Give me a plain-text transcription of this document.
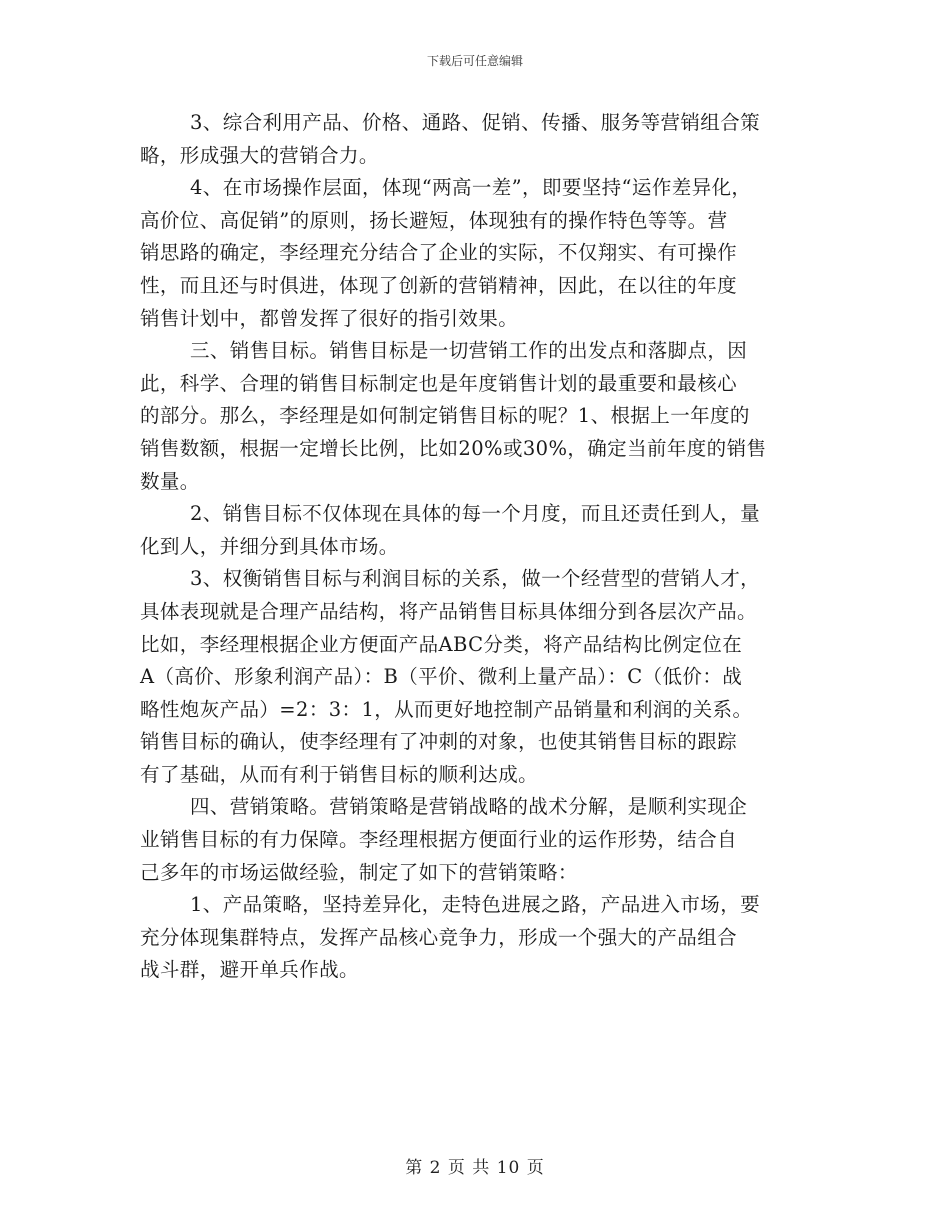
下载后可任意编辑
3、综合利用产品、价格、通路、促销、传播、服务等营销组合策
略，形成强大的营销合力。
4、在市场操作层面，体现“两高一差”，即要坚持“运作差异化，
高价位、高促销”的原则，扬长避短，体现独有的操作特色等等。营
销思路的确定，李经理充分结合了企业的实际，不仅翔实、有可操作
性，而且还与时俱进，体现了创新的营销精神，因此，在以往的年度
销售计划中，都曾发挥了很好的指引效果。
三、销售目标。销售目标是一切营销工作的出发点和落脚点，因
此，科学、合理的销售目标制定也是年度销售计划的最重要和最核心
的部分。那么，李经理是如何制定销售目标的呢？1、根据上一年度的
销售数额，根据一定增长比例，比如20%或30%，确定当前年度的销售
数量。
2、销售目标不仅体现在具体的每一个月度，而且还责任到人，量
化到人，并细分到具体市场。
3、权衡销售目标与利润目标的关系，做一个经营型的营销人才，
具体表现就是合理产品结构，将产品销售目标具体细分到各层次产品。
比如，李经理根据企业方便面产品ABC分类，将产品结构比例定位在
A（高价、形象利润产品）：B（平价、微利上量产品）：C（低价：战
略性炮灰产品）=2：3：1，从而更好地控制产品销量和利润的关系。
销售目标的确认，使李经理有了冲刺的对象，也使其销售目标的跟踪
有了基础，从而有利于销售目标的顺利达成。
四、营销策略。营销策略是营销战略的战术分解，是顺利实现企
业销售目标的有力保障。李经理根据方便面行业的运作形势，结合自
己多年的市场运做经验，制定了如下的营销策略：
1、产品策略，坚持差异化，走特色进展之路，产品进入市场，要
充分体现集群特点，发挥产品核心竞争力，形成一个强大的产品组合
战斗群，避开单兵作战。
第 2 页 共 10 页
